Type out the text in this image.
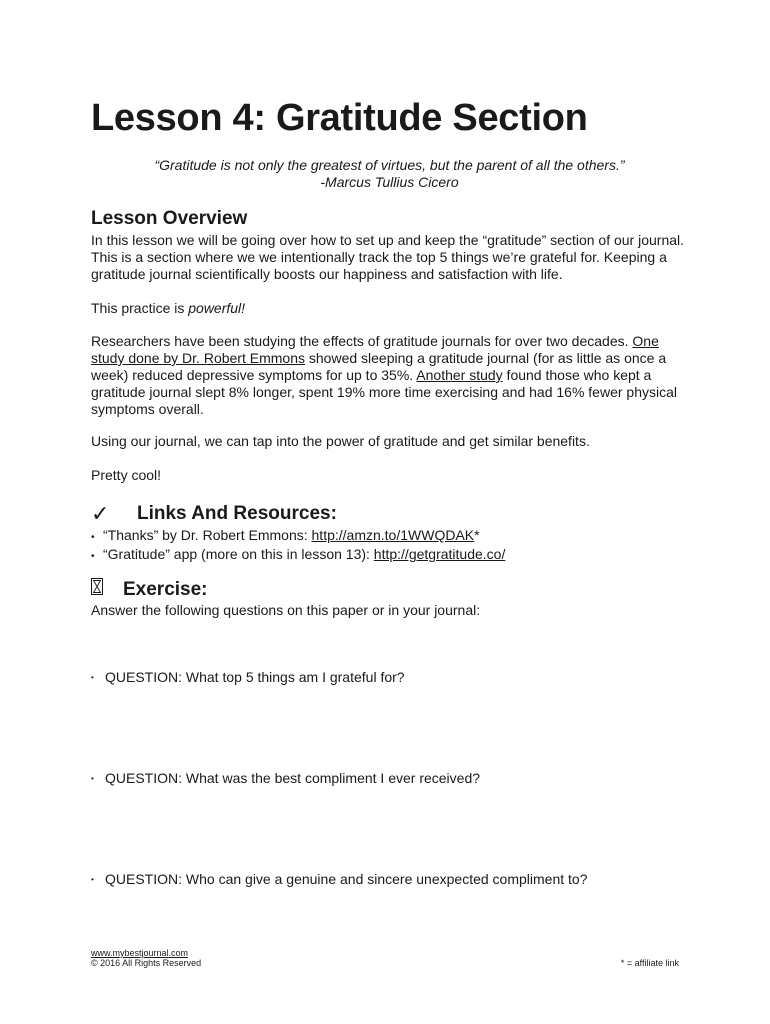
Lesson 4: Gratitude Section
“Gratitude is not only the greatest of virtues, but the parent of all the others.”
-Marcus Tullius Cicero
Lesson Overview

In this lesson we will be going over how to set up and keep the “gratitude” section of our journal.
This is a section where we we intentionally track the top 5 things we’re grateful for. Keeping a
gratitude journal scientifically boosts our happiness and satisfaction with life.

This practice is powerful!

Researchers have been studying the effects of gratitude journals for over two decades. One
study done by Dr. Robert Emmons showed sleeping a gratitude journal (for as little as once a
week) reduced depressive symptoms for up to 35%. Another study found those who kept a
gratitude journal slept 8% longer, spent 19% more time exercising and had 16% fewer physical
symptoms overall.

Using our journal, we can tap into the power of gratitude and get similar benefits.

Pretty cool!

✓	Links And Resources:
• “Thanks” by Dr. Robert Emmons: http://amzn.to/1WWQDAK*
• “Gratitude” app (more on this in lesson 13): http://getgratitude.co/
Exercise:

Answer the following questions on this paper or in your journal:

• QUESTION: What top 5 things am I grateful for?
• QUESTION: What was the best compliment I ever received?
• QUESTION: Who can give a genuine and sincere unexpected compliment to?
www.mybestjournal.com
© 2016 All Rights Reserved	* = affiliate link
